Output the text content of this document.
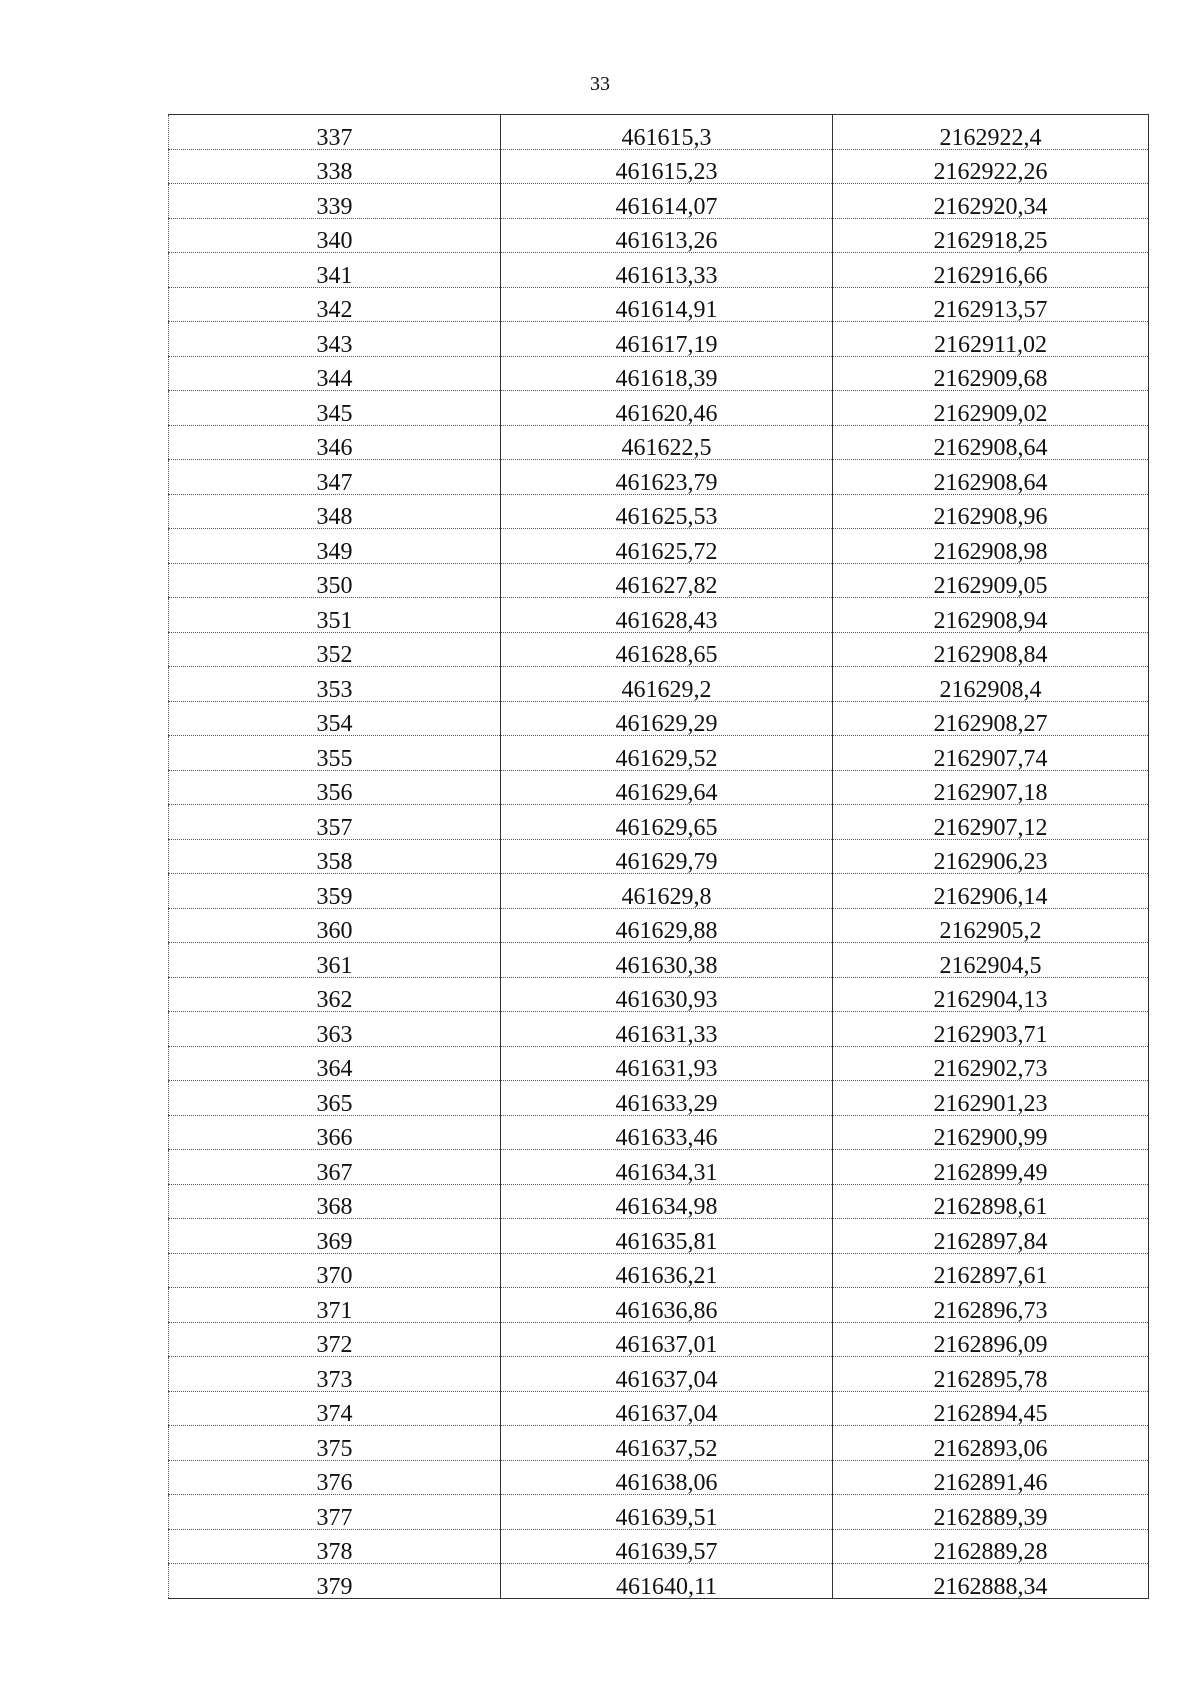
33
337	461615,3	2162922,4
338	461615,23	2162922,26
339	461614,07	2162920,34
340	461613,26	2162918,25
341	461613,33	2162916,66
342	461614,91	2162913,57
343	461617,19	2162911,02
344	461618,39	2162909,68
345	461620,46	2162909,02
346	461622,5	2162908,64
347	461623,79	2162908,64
348	461625,53	2162908,96
349	461625,72	2162908,98
350	461627,82	2162909,05
351	461628,43	2162908,94
352	461628,65	2162908,84
353	461629,2	2162908,4
354	461629,29	2162908,27
355	461629,52	2162907,74
356	461629,64	2162907,18
357	461629,65	2162907,12
358	461629,79	2162906,23
359	461629,8	2162906,14
360	461629,88	2162905,2
361	461630,38	2162904,5
362	461630,93	2162904,13
363	461631,33	2162903,71
364	461631,93	2162902,73
365	461633,29	2162901,23
366	461633,46	2162900,99
367	461634,31	2162899,49
368	461634,98	2162898,61
369	461635,81	2162897,84
370	461636,21	2162897,61
371	461636,86	2162896,73
372	461637,01	2162896,09
373	461637,04	2162895,78
374	461637,04	2162894,45
375	461637,52	2162893,06
376	461638,06	2162891,46
377	461639,51	2162889,39
378	461639,57	2162889,28
379	461640,11	2162888,34
